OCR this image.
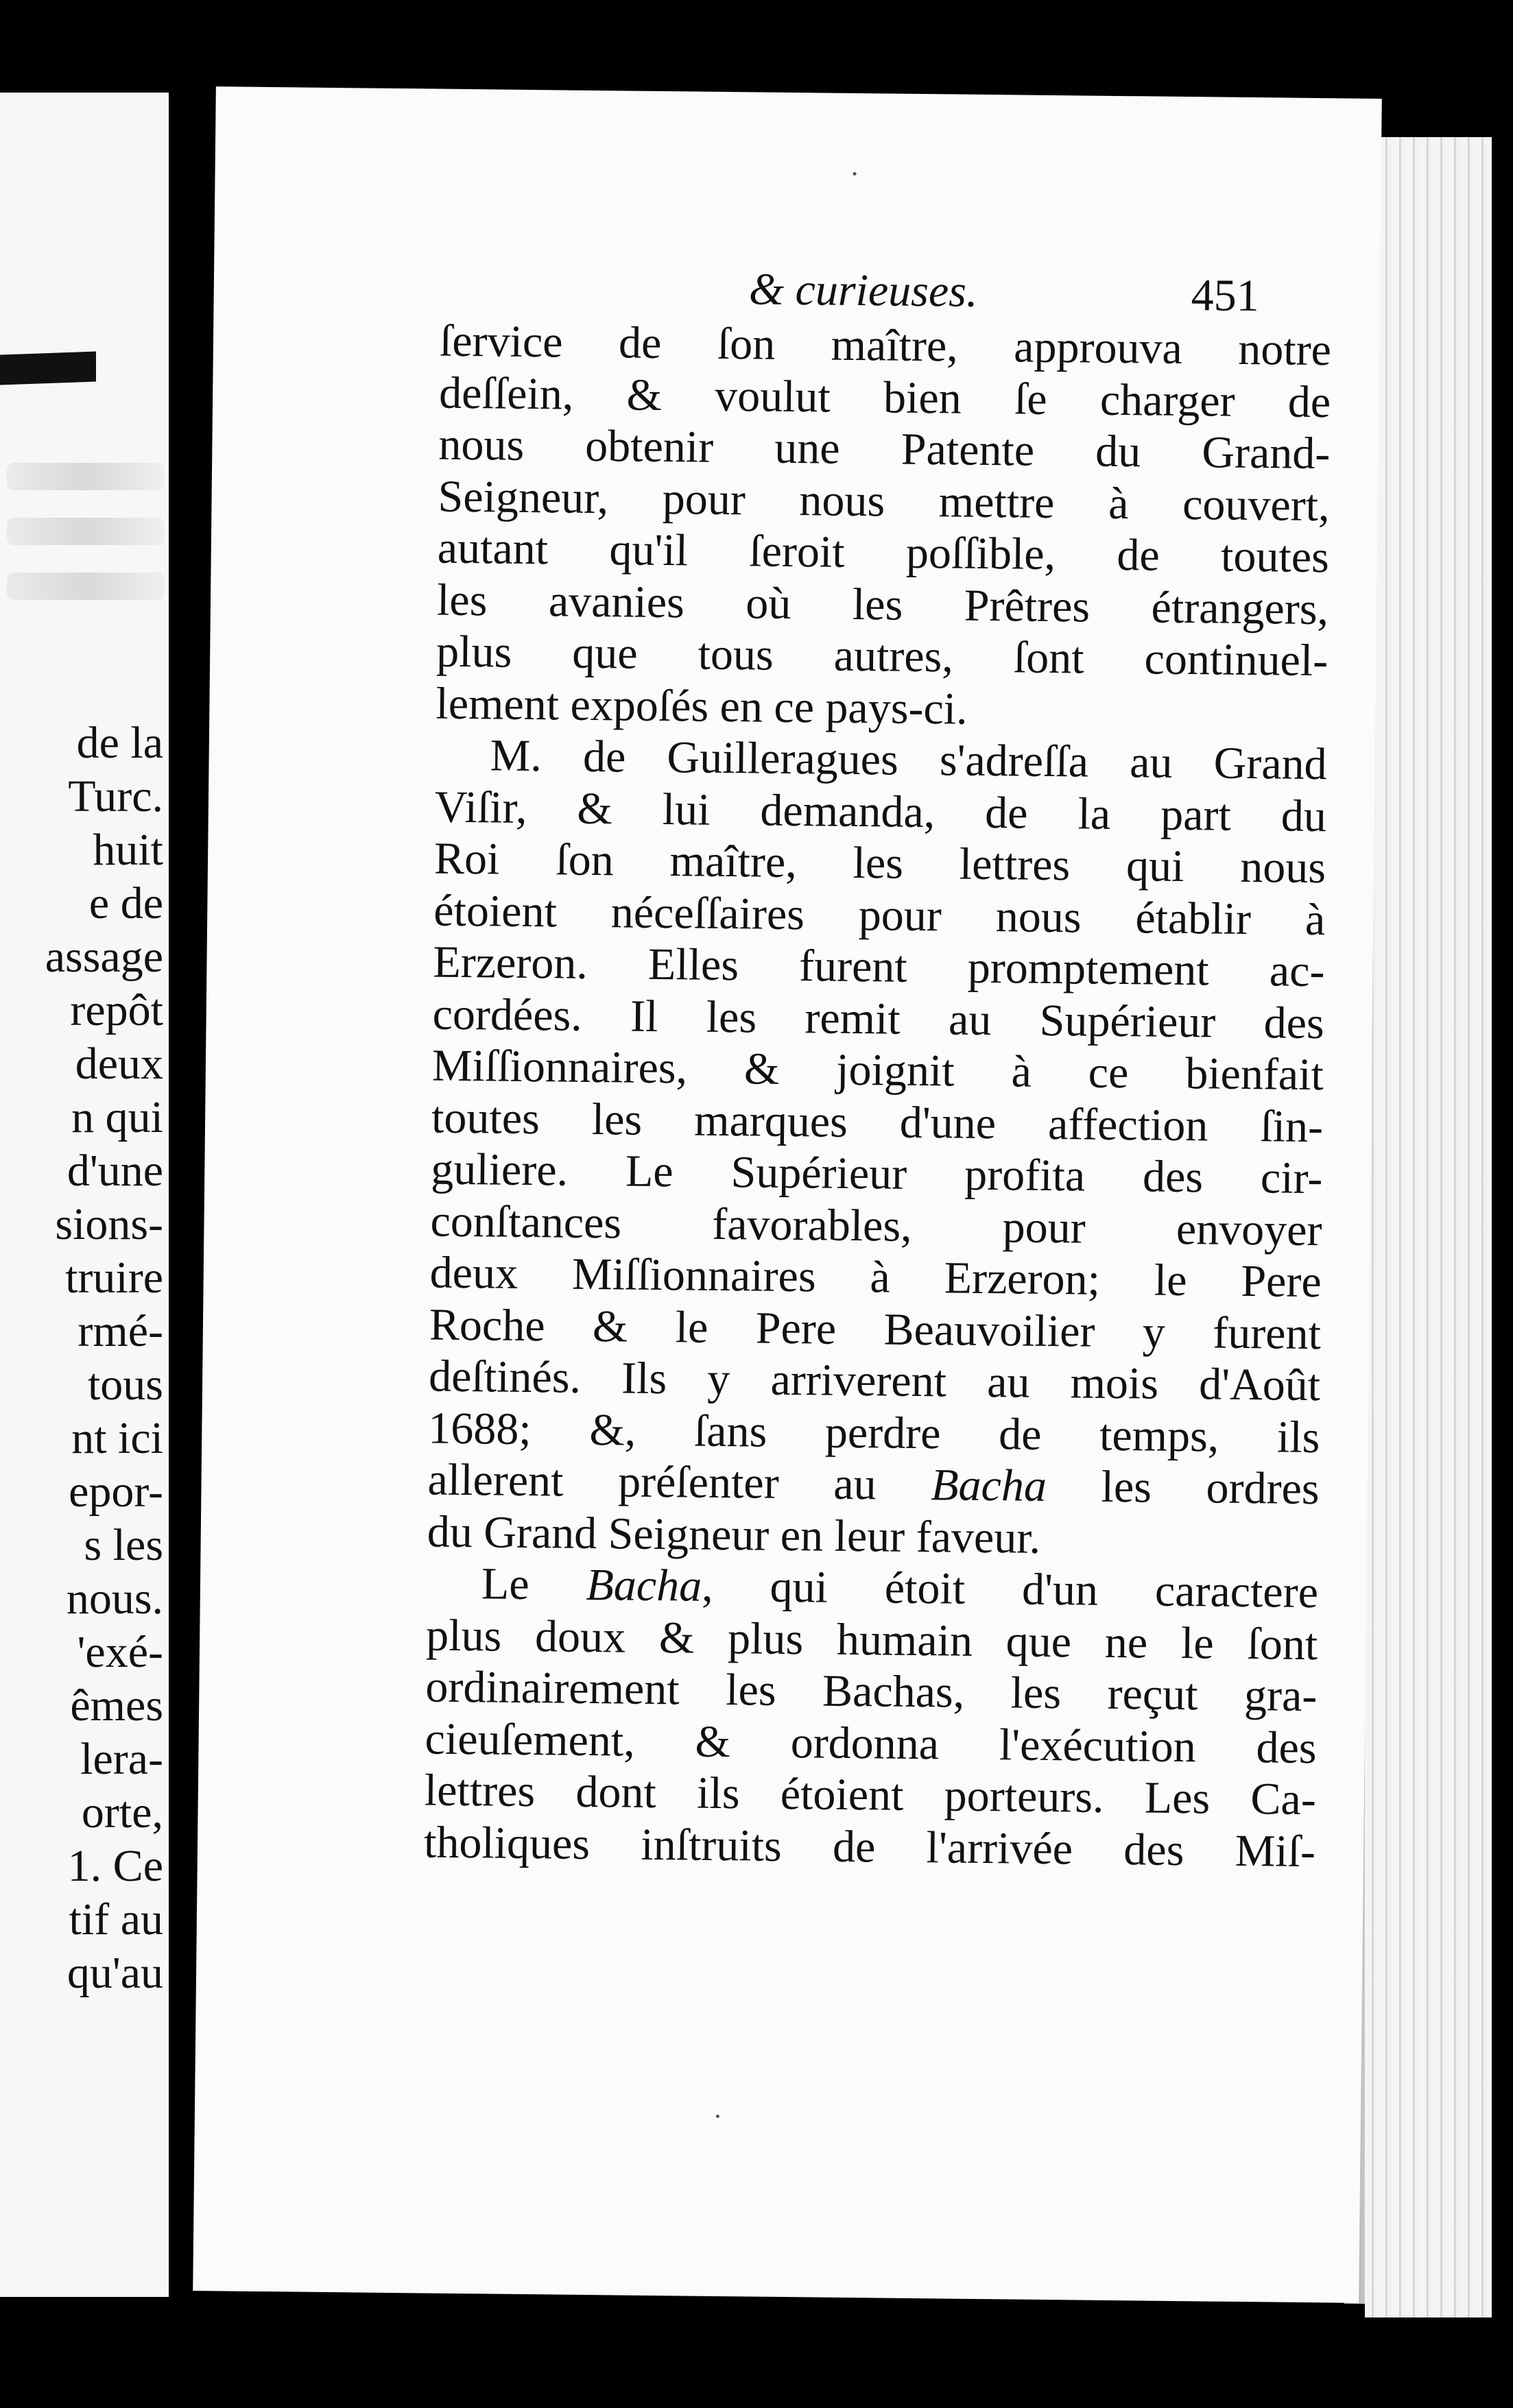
de la
Turc.
huit
e de
assage
repôt
deux
n qui
d'une
sions-
truire
rmé-
tous
nt ici
epor-
s les
nous.
'exé-
êmes
lera-
orte,
1. Ce
tif au
qu'au
& curieuses.	451
ſervice de ſon maître, approuva notre
deſſein, & voulut bien ſe charger de
nous obtenir une Patente du Grand-
Seigneur, pour nous mettre à couvert,
autant qu'il ſeroit poſſible, de toutes
les avanies où les Prêtres étrangers,
plus que tous autres, ſont continuel-
lement expoſés en ce pays-ci.
M. de Guilleragues s'adreſſa au Grand
Viſir, & lui demanda, de la part du
Roi ſon maître, les lettres qui nous
étoient néceſſaires pour nous établir à
Erzeron. Elles furent promptement ac-
cordées. Il les remit au Supérieur des
Miſſionnaires, & joignit à ce bienfait
toutes les marques d'une affection ſin-
guliere. Le Supérieur profita des cir-
conſtances favorables, pour envoyer
deux Miſſionnaires à Erzeron; le Pere
Roche & le Pere Beauvoilier y furent
deſtinés. Ils y arriverent au mois d'Août
1688; &, ſans perdre de temps, ils
allerent préſenter au Bacha les ordres
du Grand Seigneur en leur faveur.
Le Bacha, qui étoit d'un caractere
plus doux & plus humain que ne le ſont
ordinairement les Bachas, les reçut gra-
cieuſement, & ordonna l'exécution des
lettres dont ils étoient porteurs. Les Ca-
tholiques inſtruits de l'arrivée des Miſ-
